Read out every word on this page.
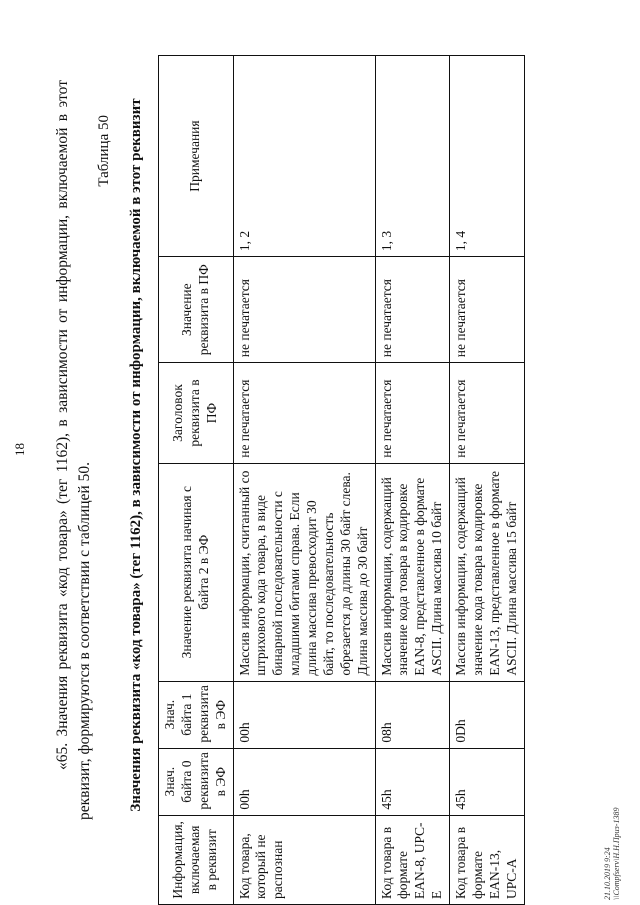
18 «65. Значения реквизита «код товара» (тег 1162), в зависимости от информации, включаемой в этот реквизит, формируются в соответствии с таблицей 50.

Таблица 50 Значения реквизита «код товара» (тег 1162), в зависимости от информации, включаемой в этот реквизит
Информация, включаемая в реквизит	Знач. байта 0 реквизита в ЭФ	Знач. байта 1 реквизита в ЭФ	Значение реквизита начиная с байта 2 в ЭФ	Заголовок реквизита в ПФ	Значение реквизита в ПФ	Примечания
Код товара, который не распознан	00h	00h	Массив информации, считанный со штрихового кода товара, в виде бинарной последовательности с младшими битами справа. Если длина массива превосходит 30 байт, то последовательность обрезается до длины 30 байт слева. Длина массива до 30 байт	не печатается	не печатается	1, 2
Код товара в формате EAN-8, UPC-E	45h	08h	Массив информации, содержащий значение кода товара в кодировке EAN-8, представленное в формате ASCII. Длина массива 10 байт	не печатается	не печатается	1, 3
Код товара в формате EAN-13, UPC-A	45h	0Dh	Массив информации, содержащий значение кода товара в кодировке EAN-13, представленное в формате ASCII. Длина массива 15 байт	не печатается	не печатается	1, 4
21.10.2019 9:24 \\Compfserv\Н.Н.Приз-1389
